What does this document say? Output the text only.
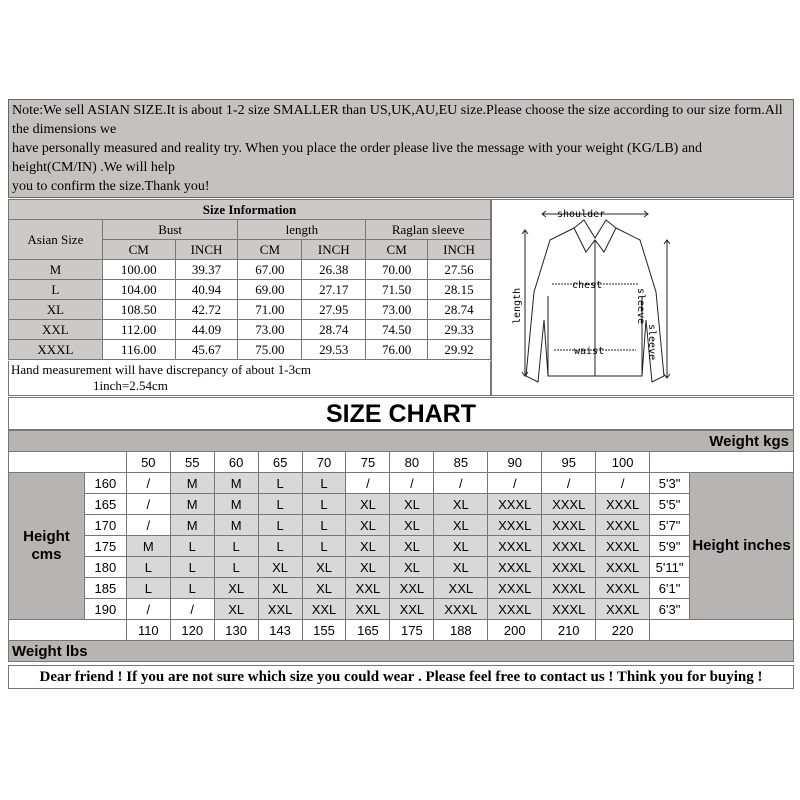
Note:We sell ASIAN SIZE.It is about 1-2 size SMALLER than US,UK,AU,EU size.Please choose the size according to our size form.All the dimensions we
have personally measured and reality try. When you place the order please live the message with your weight (KG/LB) and height(CM/IN) .We will help
you to confirm the size.Thank you!
Size Information						
Asian Size	Bust		length		Raglan sleeve	
	CM	INCH	CM	INCH	CM	INCH
M	100.00	39.37	67.00	26.38	70.00	27.56
L	104.00	40.94	69.00	27.17	71.50	28.15
XL	108.50	42.72	71.00	27.95	73.00	28.74
XXL	112.00	44.09	73.00	28.74	74.50	29.33
XXXL	116.00	45.67	75.00	29.53	76.00	29.92
Hand measurement will have discrepancy of about 1-3cm
1inch=2.54cm
shoulder
chest
waist
length
sleeve
sleeve
SIZE CHART
Weight kgs														
		50	55	60	65	70	75	80	85	90	95	100		
Height cms	160	/	M	M	L	L	/	/	/	/	/	/	5'3"	Height inches
	165	/	M	M	L	L	XL	XL	XL	XXXL	XXXL	XXXL	5'5"	
	170	/	M	M	L	L	XL	XL	XL	XXXL	XXXL	XXXL	5'7"	
	175	M	L	L	L	L	XL	XL	XL	XXXL	XXXL	XXXL	5'9"	
	180	L	L	L	XL	XL	XL	XL	XL	XXXL	XXXL	XXXL	5'11"	
	185	L	L	XL	XL	XL	XXL	XXL	XXL	XXXL	XXXL	XXXL	6'1"	
	190	/	/	XL	XXL	XXL	XXL	XXL	XXXL	XXXL	XXXL	XXXL	6'3"	
		110	120	130	143	155	165	175	188	200	210	220		
Weight lbs														
Dear friend ! If you are not sure which size you could wear . Please feel free to contact us ! Think you for buying !
